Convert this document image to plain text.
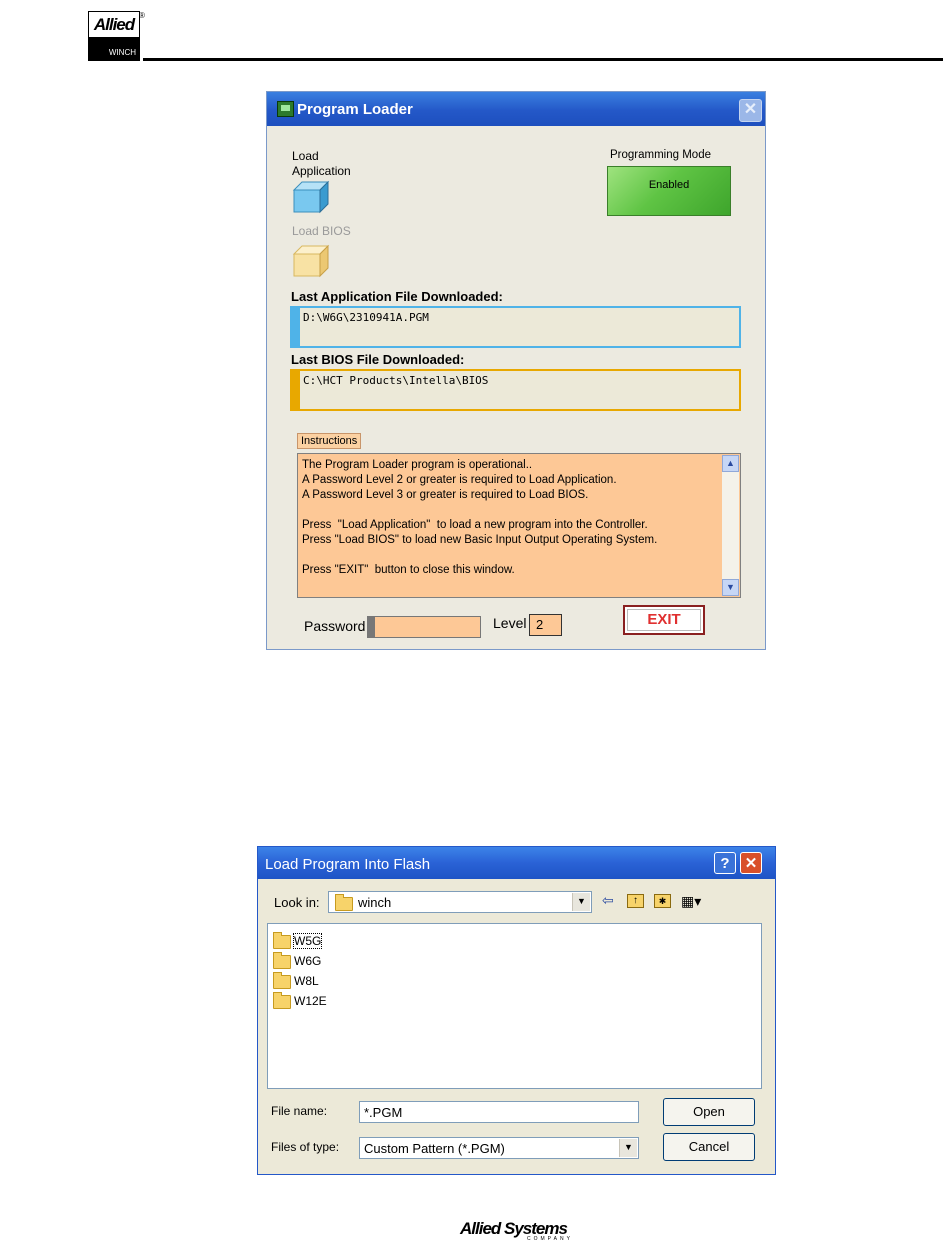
Allied
WINCH
®
Program Loader	✕
Load
Application
Load BIOS
Programming Mode
Enabled
Last Application File Downloaded:
D:\W6G\2310941A.PGM
Last BIOS File Downloaded:
C:\HCT Products\Intella\BIOS
Instructions
The Program Loader program is operational..
A Password Level 2 or greater is required to Load Application.
A Password Level 3 or greater is required to Load BIOS.
Press  "Load Application"  to load a new program into the Controller.
Press "Load BIOS" to load new Basic Input Output Operating System.
Press "EXIT"  button to close this window.
▲
▼
Password	Level 2	EXIT
Load Program Into Flash	?	✕
Look in:	winch	▼ ⇦	↑	✱	▦▾
W5G
W6G
W8L
W12E
File name:	*.PGM	Open
Files of type: Custom Pattern (*.PGM)	▼	Cancel
Allied Systems
COMPANY
